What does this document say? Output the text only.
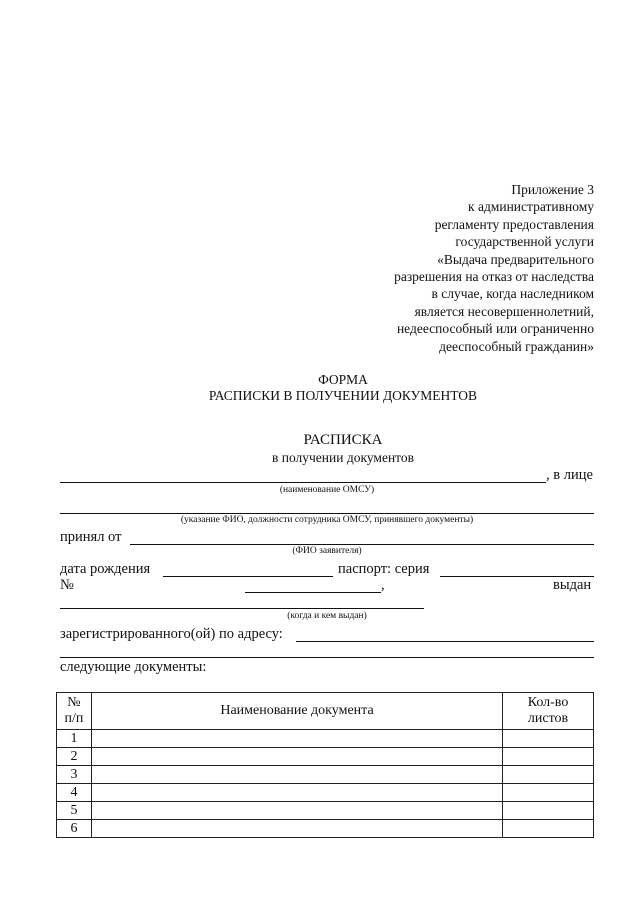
Приложение 3
к административному
регламенту предоставления
государственной услуги
«Выдача предварительного
разрешения на отказ от наследства
в случае, когда наследником
является несовершеннолетний,
недееспособный или ограниченно
дееспособный гражданин»
ФОРМА
РАСПИСКИ В ПОЛУЧЕНИИ ДОКУМЕНТОВ
РАСПИСКА
в получении документов
, в лице
(наименование ОМСУ)
(указание ФИО, должности сотрудника ОМСУ, принявшего документы)
принял от
(ФИО заявителя)
дата рождения	паспорт: серия
№	,	выдан
(когда и кем выдан)
зарегистрированного(ой) по адресу:
следующие документы:
№ п/п	Наименование документа	Кол-во листов
1		
2		
3		
4		
5		
6		
